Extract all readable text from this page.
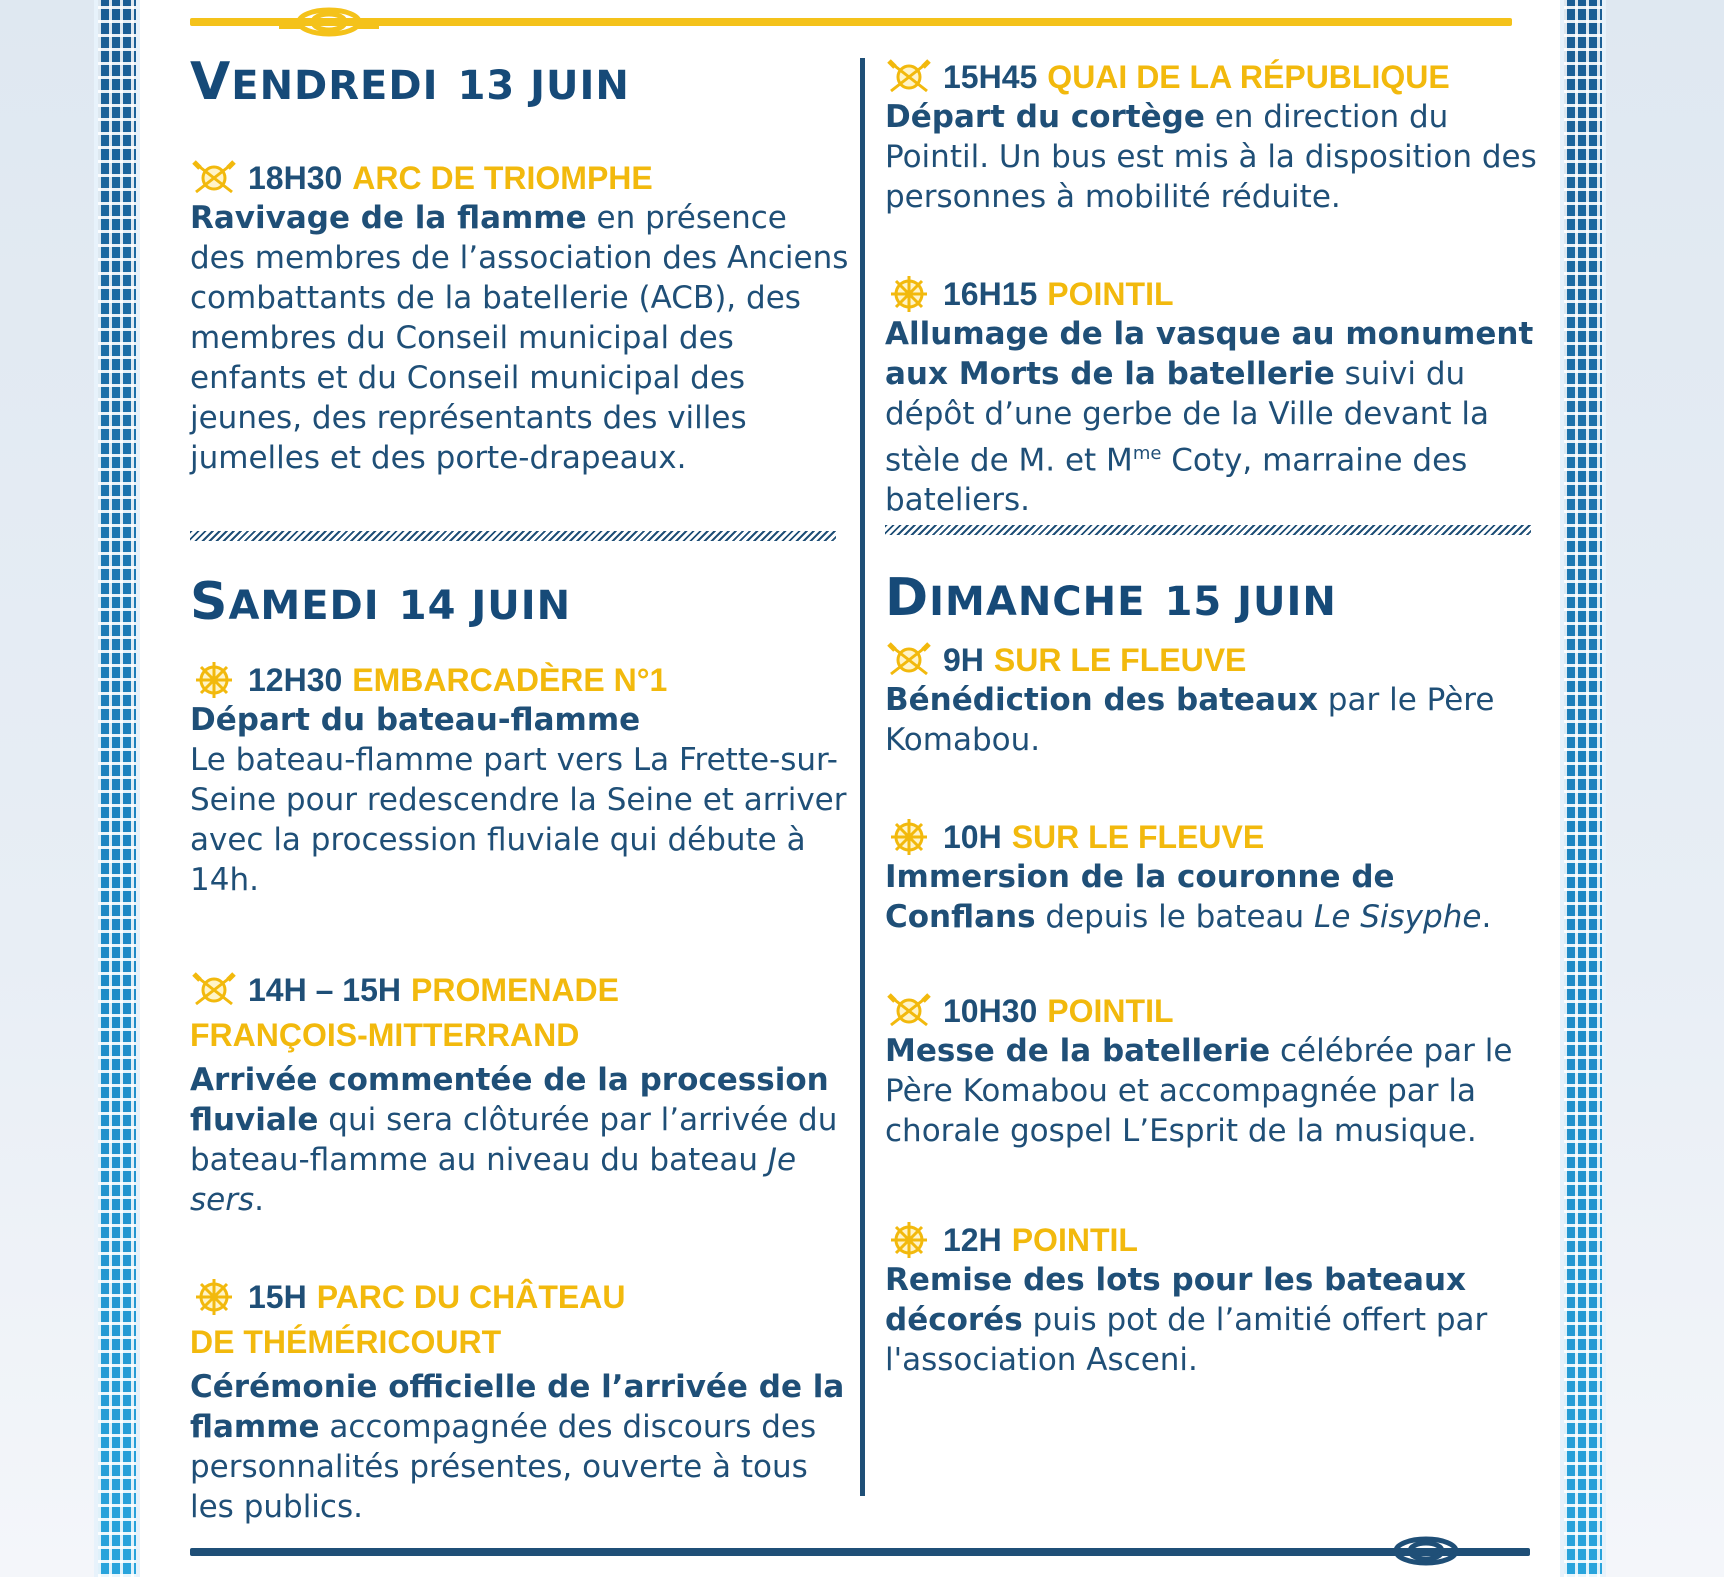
VENDREDI 13 JUIN

18H30 ARC DE TRIOMPHE

Ravivage de la flamme en présence des membres de l’association des Anciens combattants de la batellerie (ACB), des membres du Conseil municipal des enfants et du Conseil municipal des jeunes, des représentants des villes jumelles et des porte-drapeaux.

SAMEDI 14 JUIN

12H30 EMBARCADÈRE N°1

Départ du bateau-flamme
Le bateau-flamme part vers La Frette-sur-Seine pour redescendre la Seine et arriver avec la procession fluviale qui débute à 14h.

14H – 15H PROMENADE

FRANÇOIS-MITTERRAND

Arrivée commentée de la procession fluviale qui sera clôturée par l’arrivée du bateau-flamme au niveau du bateau Je sers.

15H PARC DU CHÂTEAU

DE THÉMÉRICOURT

Cérémonie officielle de l’arrivée de la flamme accompagnée des discours des personnalités présentes, ouverte à tous les publics.

15H45 QUAI DE LA RÉPUBLIQUE

Départ du cortège en direction du Pointil. Un bus est mis à la disposition des personnes à mobilité réduite.

16H15 POINTIL

Allumage de la vasque au monument aux Morts de la batellerie suivi du dépôt d’une gerbe de la Ville devant la stèle de M. et $M^{me}$ Coty, marraine des bateliers.

DIMANCHE 15 JUIN

9H SUR LE FLEUVE

Bénédiction des bateaux par le Père Komabou.

10H SUR LE FLEUVE

Immersion de la couronne de Conflans depuis le bateau Le Sisyphe.

10H30 POINTIL

Messe de la batellerie célébrée par le Père Komabou et accompagnée par la chorale gospel L’Esprit de la musique.

12H POINTIL

Remise des lots pour les bateaux décorés puis pot de l’amitié offert par l'association Asceni.
